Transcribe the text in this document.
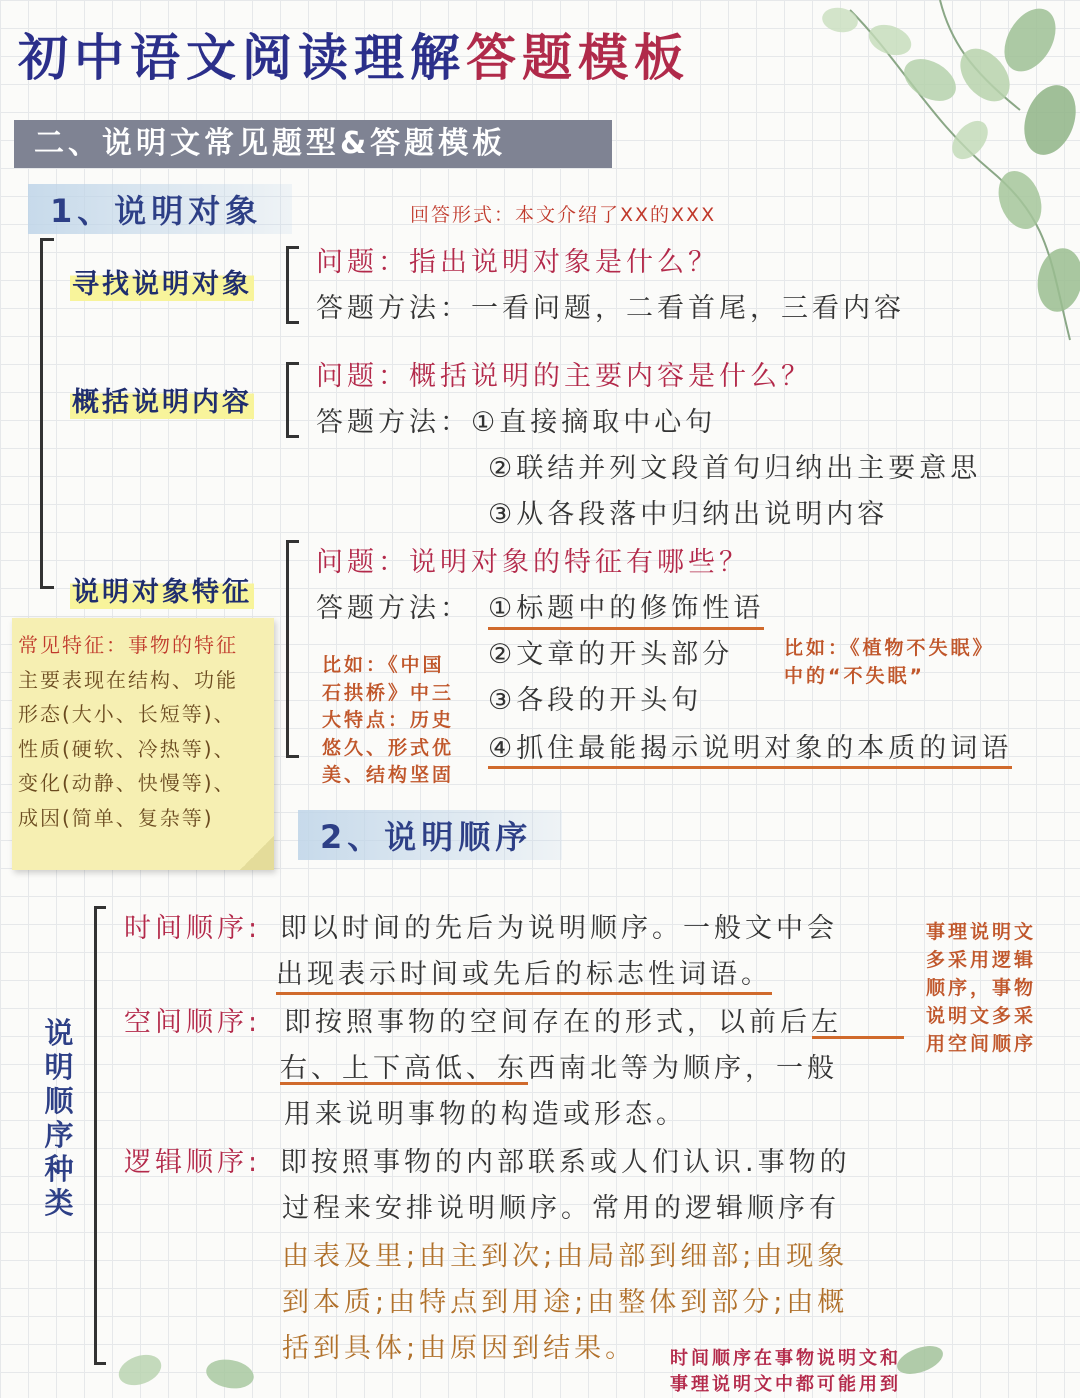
初中语文阅读理解答题模板
二、说明文常见题型&答题模板
1、说明对象	回答形式：本文介绍了XX的XXX
寻找说明对象
问题：指出说明对象是什么？
答题方法：一看问题，二看首尾，三看内容
概括说明内容
问题：概括说明的主要内容是什么？
答题方法：①直接摘取中心句
②联结并列文段首句归纳出主要意思
③从各段落中归纳出说明内容
说明对象特征
问题：说明对象的特征有哪些？
答题方法： ①标题中的修饰性语
②文章的开头部分
③各段的开头句
④抓住最能揭示说明对象的本质的词语
比如：《中国
石拱桥》中三
大特点：历史
悠久、形式优
美、结构坚固
比如：《植物不失眠》
中的“不失眠”
常见特征：事物的特征
主要表现在结构、功能
形态(大小、长短等)、
性质(硬软、冷热等)、
变化(动静、快慢等)、
成因(简单、复杂等)
2、说明顺序
说明顺序种类
时间顺序: 即以时间的先后为说明顺序。一般文中会
出现表示时间或先后的标志性词语。
空间顺序: 即按照事物的空间存在的形式，以前后左
右、上下高低、东西南北等为顺序，一般
用来说明事物的构造或形态。
逻辑顺序: 即按照事物的内部联系或人们认识.事物的
过程来安排说明顺序。常用的逻辑顺序有
由表及里;由主到次;由局部到细部;由现象
到本质;由特点到用途;由整体到部分;由概
括到具体;由原因到结果。
事理说明文
多采用逻辑
顺序，事物
说明文多采
用空间顺序
时间顺序在事物说明文和
事理说明文中都可能用到
